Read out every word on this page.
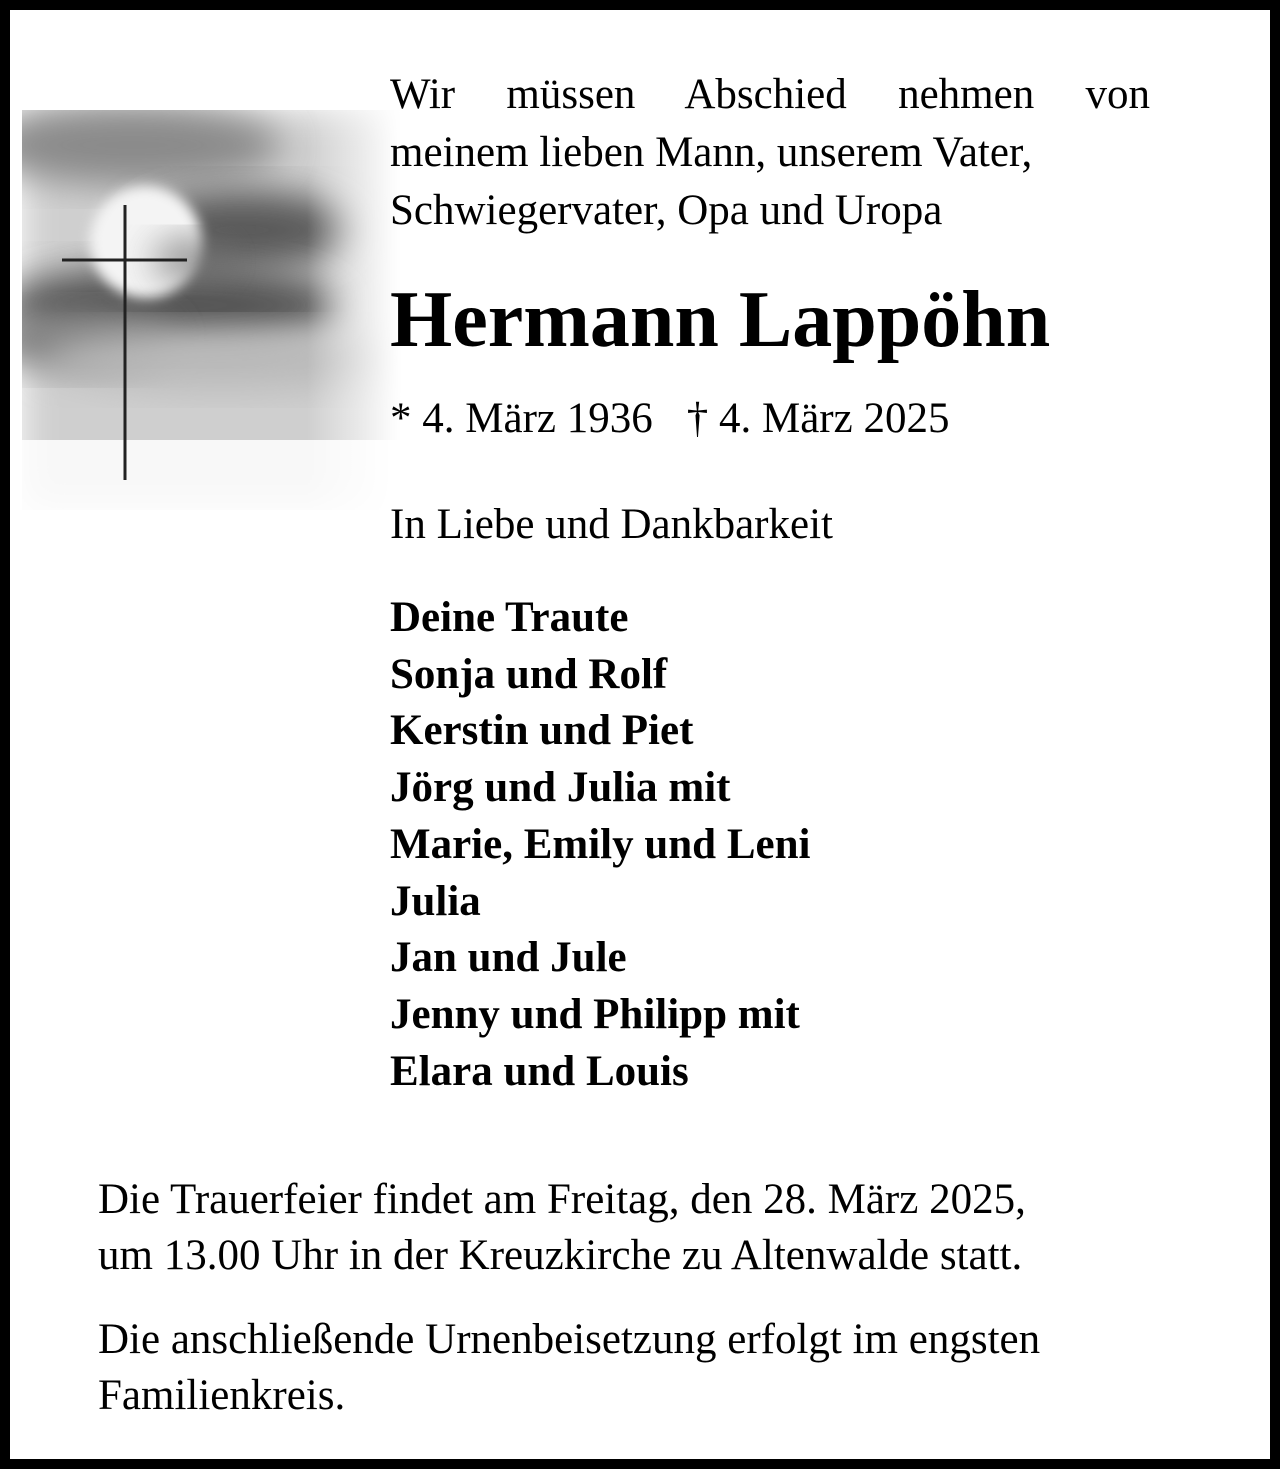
Wir müssen Abschied nehmen von
meinem lieben Mann, unserem Vater,
Schwiegervater, Opa und Uropa
Hermann Lappöhn
* 4. März 1936 † 4. März 2025
In Liebe und Dankbarkeit
Deine Traute
Sonja und Rolf
Kerstin und Piet
Jörg und Julia mit
Marie, Emily und Leni
Julia
Jan und Jule
Jenny und Philipp mit
Elara und Louis
Die Trauerfeier findet am Freitag, den 28. März 2025,
um 13.00 Uhr in der Kreuzkirche zu Altenwalde statt.
Die anschließende Urnenbeisetzung erfolgt im engsten
Familienkreis.
